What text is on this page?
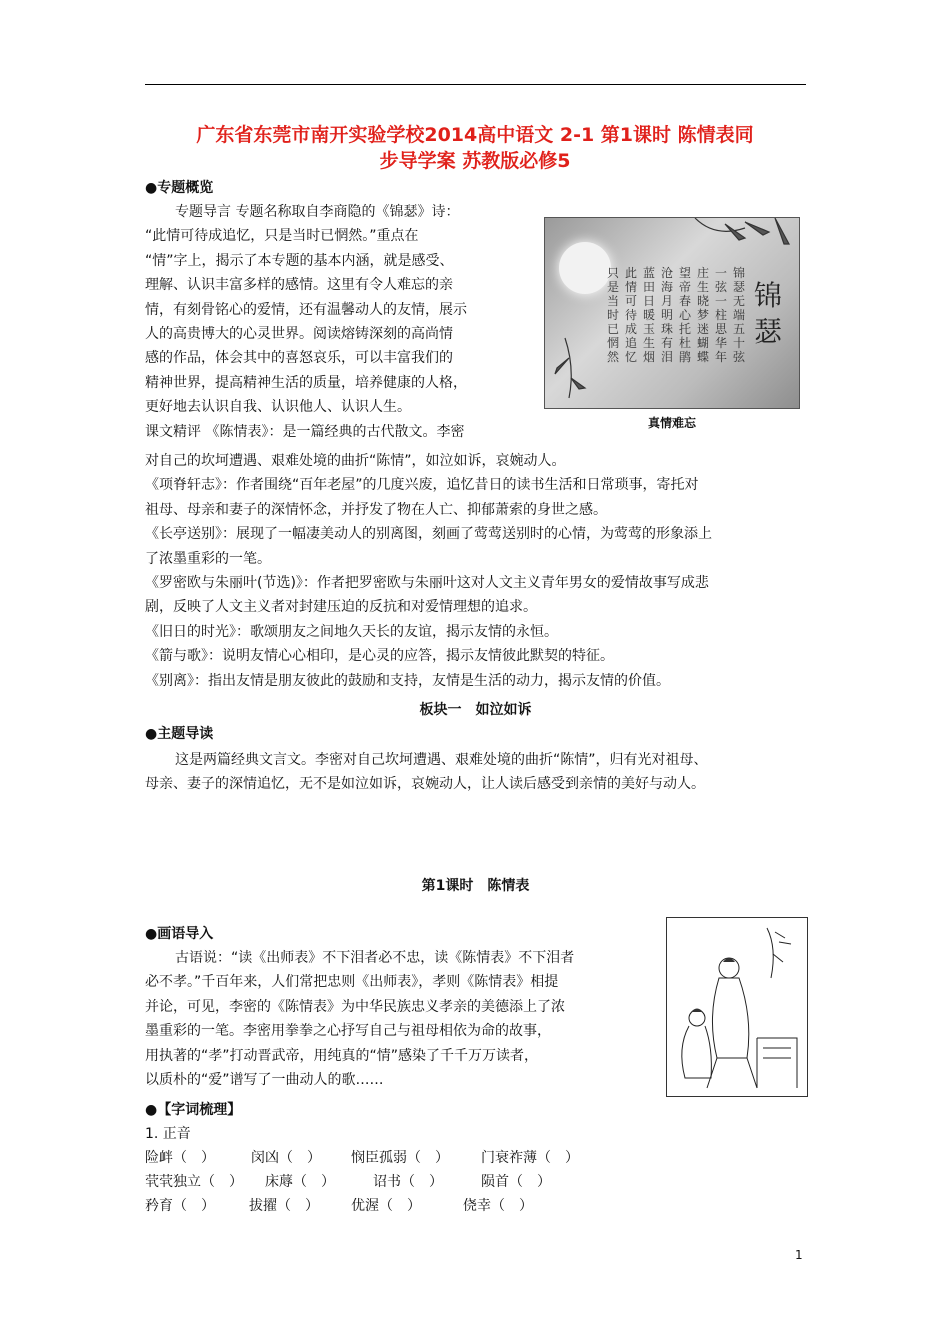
广东省东莞市南开实验学校2014高中语文 2-1 第1课时 陈情表同
步导学案 苏教版必修5
●专题概览
专题导言 专题名称取自李商隐的《锦瑟》诗：
“此情可待成追忆，只是当时已惘然。”重点在
“情”字上，揭示了本专题的基本内涵，就是感受、
理解、认识丰富多样的感情。这里有令人难忘的亲
情，有刻骨铭心的爱情，还有温馨动人的友情，展示
人的高贵博大的心灵世界。阅读熔铸深刻的高尚情
感的作品，体会其中的喜怒哀乐，可以丰富我们的
精神世界，提高精神生活的质量，培养健康的人格，
更好地去认识自我、认识他人、认识人生。
课文精评 《陈情表》：是一篇经典的古代散文。李密
锦瑟
锦瑟无端五十弦
一弦一柱思华年
庄生晓梦迷蝴蝶
望帝春心托杜鹃
沧海月明珠有泪
蓝田日暖玉生烟
此情可待成追忆
只是当时已惘然
真情难忘
对自己的坎坷遭遇、艰难处境的曲折“陈情”，如泣如诉，哀婉动人。
《项脊轩志》：作者围绕“百年老屋”的几度兴废，追忆昔日的读书生活和日常琐事，寄托对
祖母、母亲和妻子的深情怀念，并抒发了物在人亡、抑郁萧索的身世之感。
《长亭送别》：展现了一幅凄美动人的别离图，刻画了莺莺送别时的心情，为莺莺的形象添上
了浓墨重彩的一笔。
《罗密欧与朱丽叶(节选)》：作者把罗密欧与朱丽叶这对人文主义青年男女的爱情故事写成悲
剧，反映了人文主义者对封建压迫的反抗和对爱情理想的追求。
《旧日的时光》：歌颂朋友之间地久天长的友谊，揭示友情的永恒。
《箭与歌》：说明友情心心相印，是心灵的应答，揭示友情彼此默契的特征。
《别离》：指出友情是朋友彼此的鼓励和支持，友情是生活的动力，揭示友情的价值。
板块一　如泣如诉
●主题导读
这是两篇经典文言文。李密对自己坎坷遭遇、艰难处境的曲折“陈情”，归有光对祖母、
母亲、妻子的深情追忆，无不是如泣如诉，哀婉动人，让人读后感受到亲情的美好与动人。
第1课时　陈情表
●画语导入
古语说：“读《出师表》不下泪者必不忠，读《陈情表》不下泪者
必不孝。”千百年来，人们常把忠则《出师表》，孝则《陈情表》相提
并论，可见，李密的《陈情表》为中华民族忠义孝亲的美德添上了浓
墨重彩的一笔。李密用拳拳之心抒写自己与祖母相依为命的故事，
用执著的“孝”打动晋武帝，用纯真的“情”感染了千千万万读者，
以质朴的“爱”谱写了一曲动人的歌……
●【字词梳理】
1. 正音
险衅（　）	闵凶（　） 悯臣孤弱（　） 门衰祚薄（　）
茕茕独立（　） 床蓐（　）	诏书（　）	陨首（　）
矜育（　） 拔擢（　） 优渥（　）	侥幸（　）
1
